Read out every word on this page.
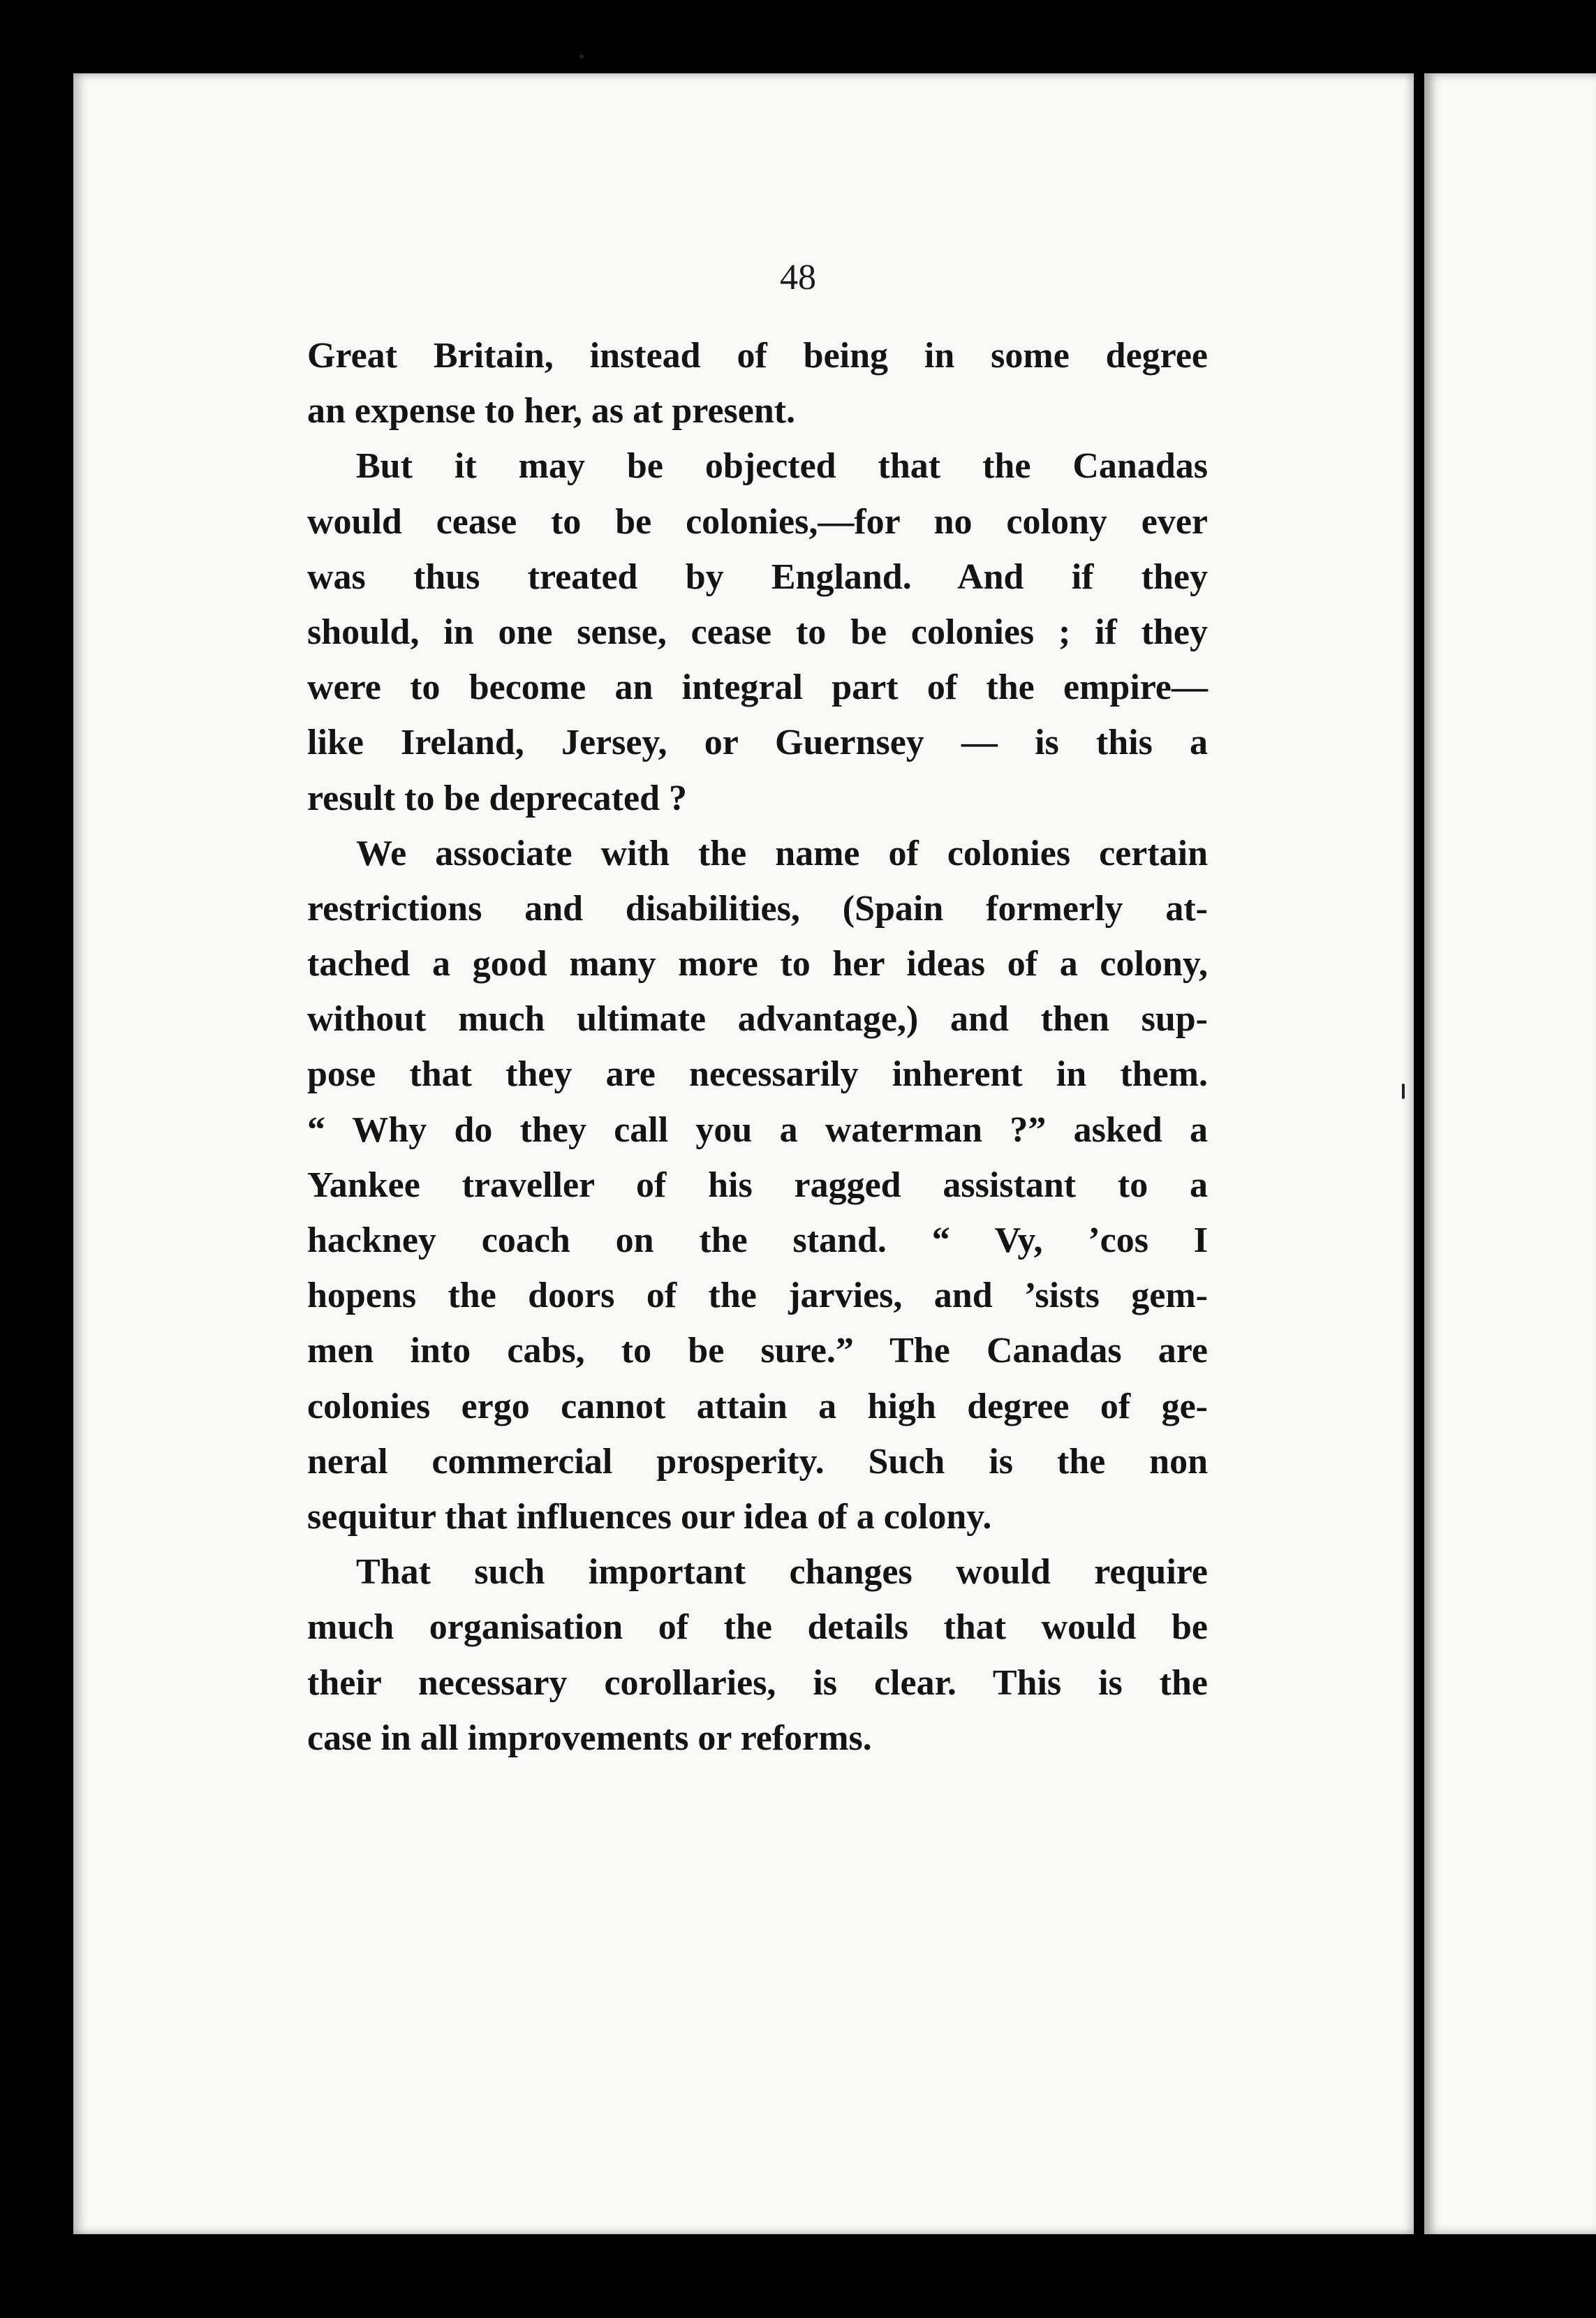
48
Great Britain, instead of being in some degree
an expense to her, as at present.
But it may be objected that the Canadas
would cease to be colonies,—for no colony ever
was thus treated by England. And if they
should, in one sense, cease to be colonies ; if they
were to become an integral part of the empire—
like Ireland, Jersey, or Guernsey — is this a
result to be deprecated ?
We associate with the name of colonies certain
restrictions and disabilities, (Spain formerly at-
tached a good many more to her ideas of a colony,
without much ultimate advantage,) and then sup-
pose that they are necessarily inherent in them.
“ Why do they call you a waterman ?” asked a
Yankee traveller of his ragged assistant to a
hackney coach on the stand. “ Vy, ’cos I
hopens the doors of the jarvies, and ’sists gem-
men into cabs, to be sure.” The Canadas are
colonies ergo cannot attain a high degree of ge-
neral commercial prosperity. Such is the non
sequitur that influences our idea of a colony.
That such important changes would require
much organisation of the details that would be
their necessary corollaries, is clear. This is the
case in all improvements or reforms.
